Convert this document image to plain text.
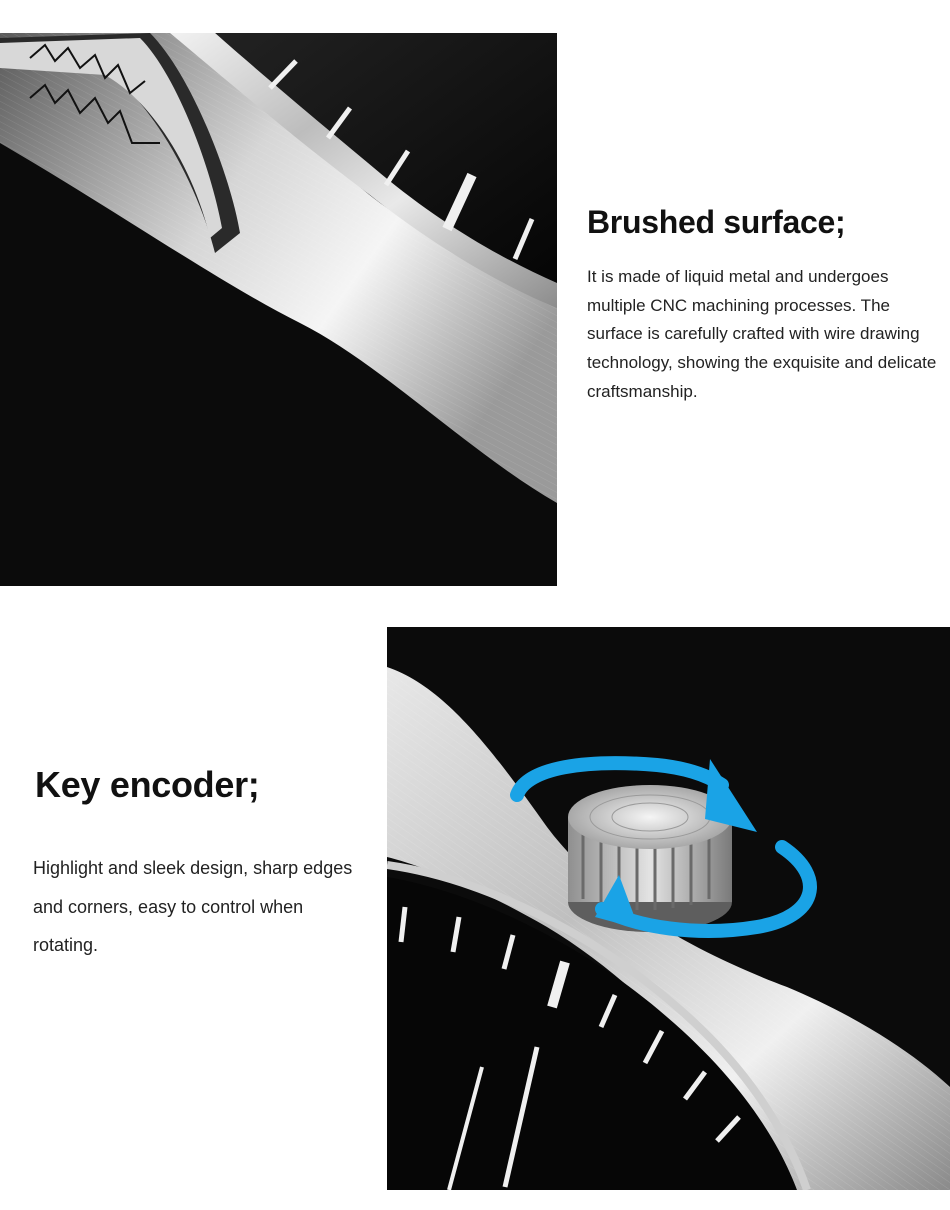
Brushed surface;

It is made of liquid metal and undergoes multiple CNC machining processes. The surface is carefully crafted with wire drawing technology, showing the exquisite and delicate craftsmanship.

Key encoder;

Highlight and sleek design, sharp edges and corners, easy to control when rotating.
